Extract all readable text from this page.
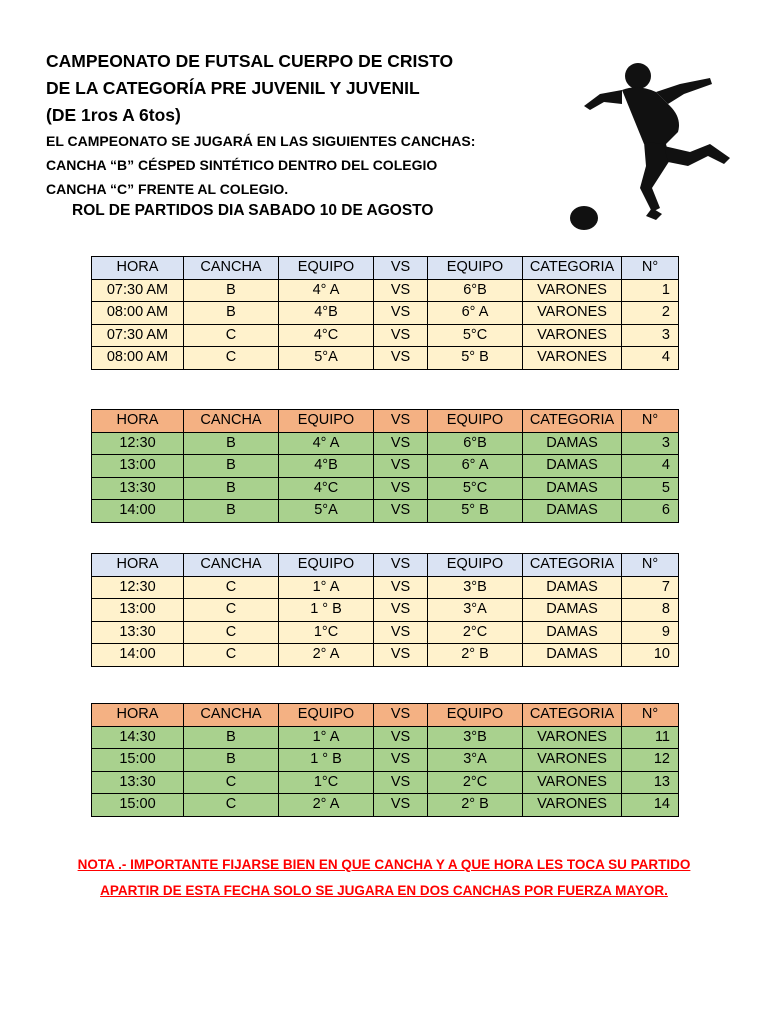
CAMPEONATO DE FUTSAL CUERPO DE CRISTO
DE LA CATEGORÍA PRE JUVENIL Y JUVENIL
(DE 1ros A 6tos)
EL CAMPEONATO SE JUGARÁ EN LAS SIGUIENTES CANCHAS:
CANCHA “B” CÉSPED SINTÉTICO DENTRO DEL COLEGIO
CANCHA “C” FRENTE AL COLEGIO.
ROL DE PARTIDOS DIA SABADO 10 DE AGOSTO
HORA	CANCHA	EQUIPO	VS	EQUIPO	CATEGORIA	N°
07:30 AM	B	4° A	VS	6°B	VARONES	1
08:00 AM	B	4°B	VS	6° A	VARONES	2
07:30 AM	C	4°C	VS	5°C	VARONES	3
08:00 AM	C	5°A	VS	5° B	VARONES	4
HORA	CANCHA	EQUIPO	VS	EQUIPO	CATEGORIA	N°
12:30	B	4° A	VS	6°B	DAMAS	3
13:00	B	4°B	VS	6° A	DAMAS	4
13:30	B	4°C	VS	5°C	DAMAS	5
14:00	B	5°A	VS	5° B	DAMAS	6
HORA	CANCHA	EQUIPO	VS	EQUIPO	CATEGORIA	N°
12:30	C	1° A	VS	3°B	DAMAS	7
13:00	C	1 ° B	VS	3°A	DAMAS	8
13:30	C	1°C	VS	2°C	DAMAS	9
14:00	C	2° A	VS	2° B	DAMAS	10
HORA	CANCHA	EQUIPO	VS	EQUIPO	CATEGORIA	N°
14:30	B	1° A	VS	3°B	VARONES	11
15:00	B	1 ° B	VS	3°A	VARONES	12
13:30	C	1°C	VS	2°C	VARONES	13
15:00	C	2° A	VS	2° B	VARONES	14
NOTA .- IMPORTANTE FIJARSE BIEN EN QUE CANCHA Y A QUE HORA LES TOCA SU PARTIDO
APARTIR DE ESTA FECHA SOLO SE JUGARA EN DOS CANCHAS POR FUERZA MAYOR.
